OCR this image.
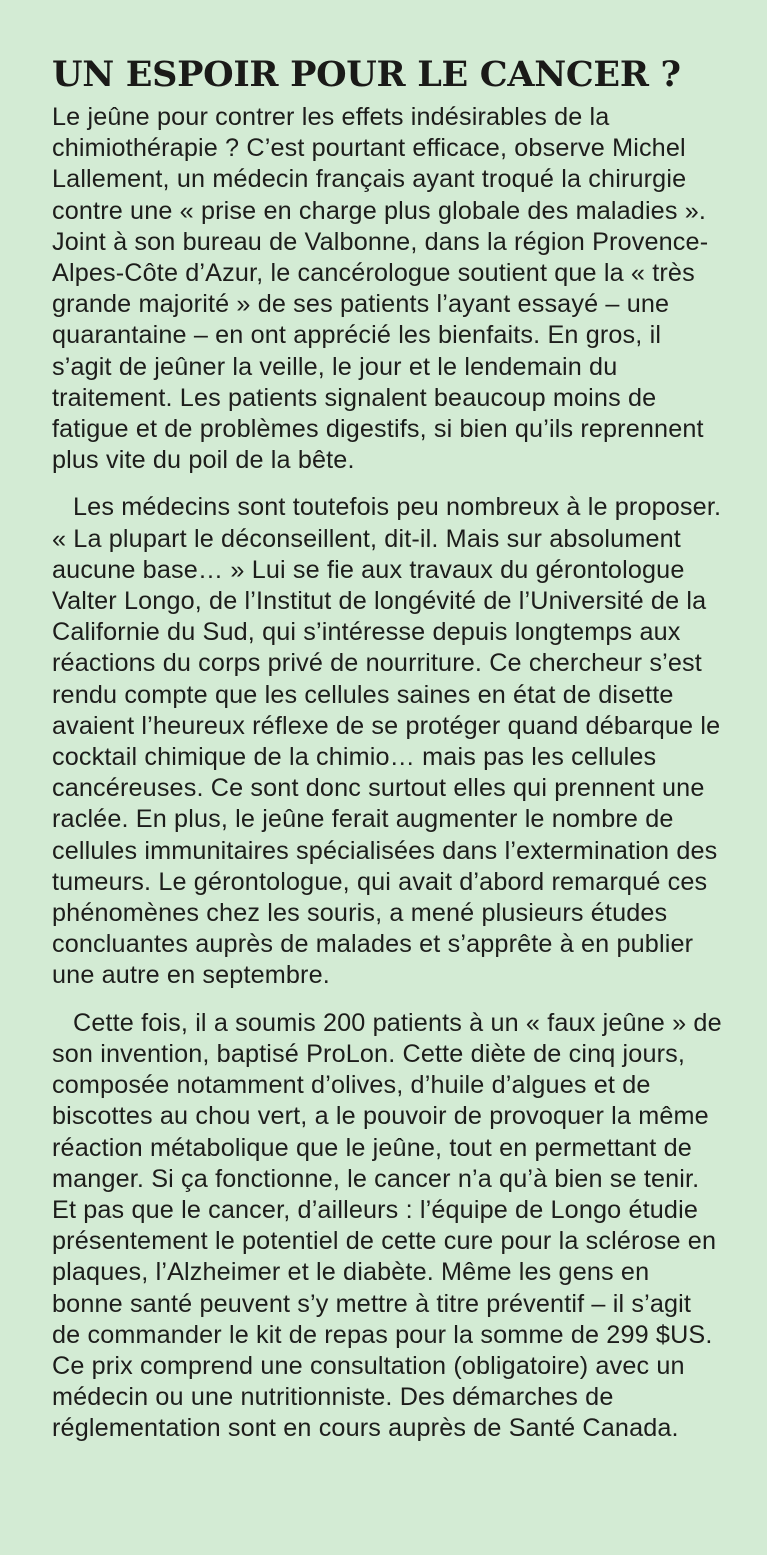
UN ESPOIR POUR LE CANCER ?

Le jeûne pour contrer les effets indésirables de la chimiothérapie ? C’est pourtant efficace, observe Michel Lallement, un médecin français ayant troqué la chirurgie contre une « prise en charge plus globale des maladies ». Joint à son bureau de Valbonne, dans la région Provence-Alpes-Côte d’Azur, le cancérologue soutient que la « très grande majorité » de ses patients l’ayant essayé – une quarantaine – en ont apprécié les bienfaits. En gros, il s’agit de jeûner la veille, le jour et le lendemain du traitement. Les patients signalent beaucoup moins de fatigue et de problèmes digestifs, si bien qu’ils reprennent plus vite du poil de la bête.

Les médecins sont toutefois peu nombreux à le proposer. « La plupart le déconseillent, dit-il. Mais sur absolument aucune base… » Lui se fie aux travaux du gérontologue Valter Longo, de l’Institut de longévité de l’Université de la Californie du Sud, qui s’intéresse depuis longtemps aux réactions du corps privé de nourriture. Ce chercheur s’est rendu compte que les cellules saines en état de disette avaient l’heureux réflexe de se protéger quand débarque le cocktail chimique de la chimio… mais pas les cellules cancéreuses. Ce sont donc surtout elles qui prennent une raclée. En plus, le jeûne ferait augmenter le nombre de cellules immunitaires spécialisées dans l’extermination des tumeurs. Le gérontologue, qui avait d’abord remarqué ces phénomènes chez les souris, a mené plusieurs études concluantes auprès de malades et s’apprête à en publier une autre en septembre.

Cette fois, il a soumis 200 patients à un « faux jeûne » de son invention, baptisé ProLon. Cette diète de cinq jours, composée notamment d’olives, d’huile d’algues et de biscottes au chou vert, a le pouvoir de provoquer la même réaction métabolique que le jeûne, tout en permettant de manger. Si ça fonctionne, le cancer n’a qu’à bien se tenir. Et pas que le cancer, d’ailleurs : l’équipe de Longo étudie présentement le potentiel de cette cure pour la sclérose en plaques, l’Alzheimer et le diabète. Même les gens en bonne santé peuvent s’y mettre à titre préventif – il s’agit de commander le kit de repas pour la somme de 299 $US. Ce prix comprend une consultation (obligatoire) avec un médecin ou une nutritionniste. Des démarches de réglementation sont en cours auprès de Santé Canada.
